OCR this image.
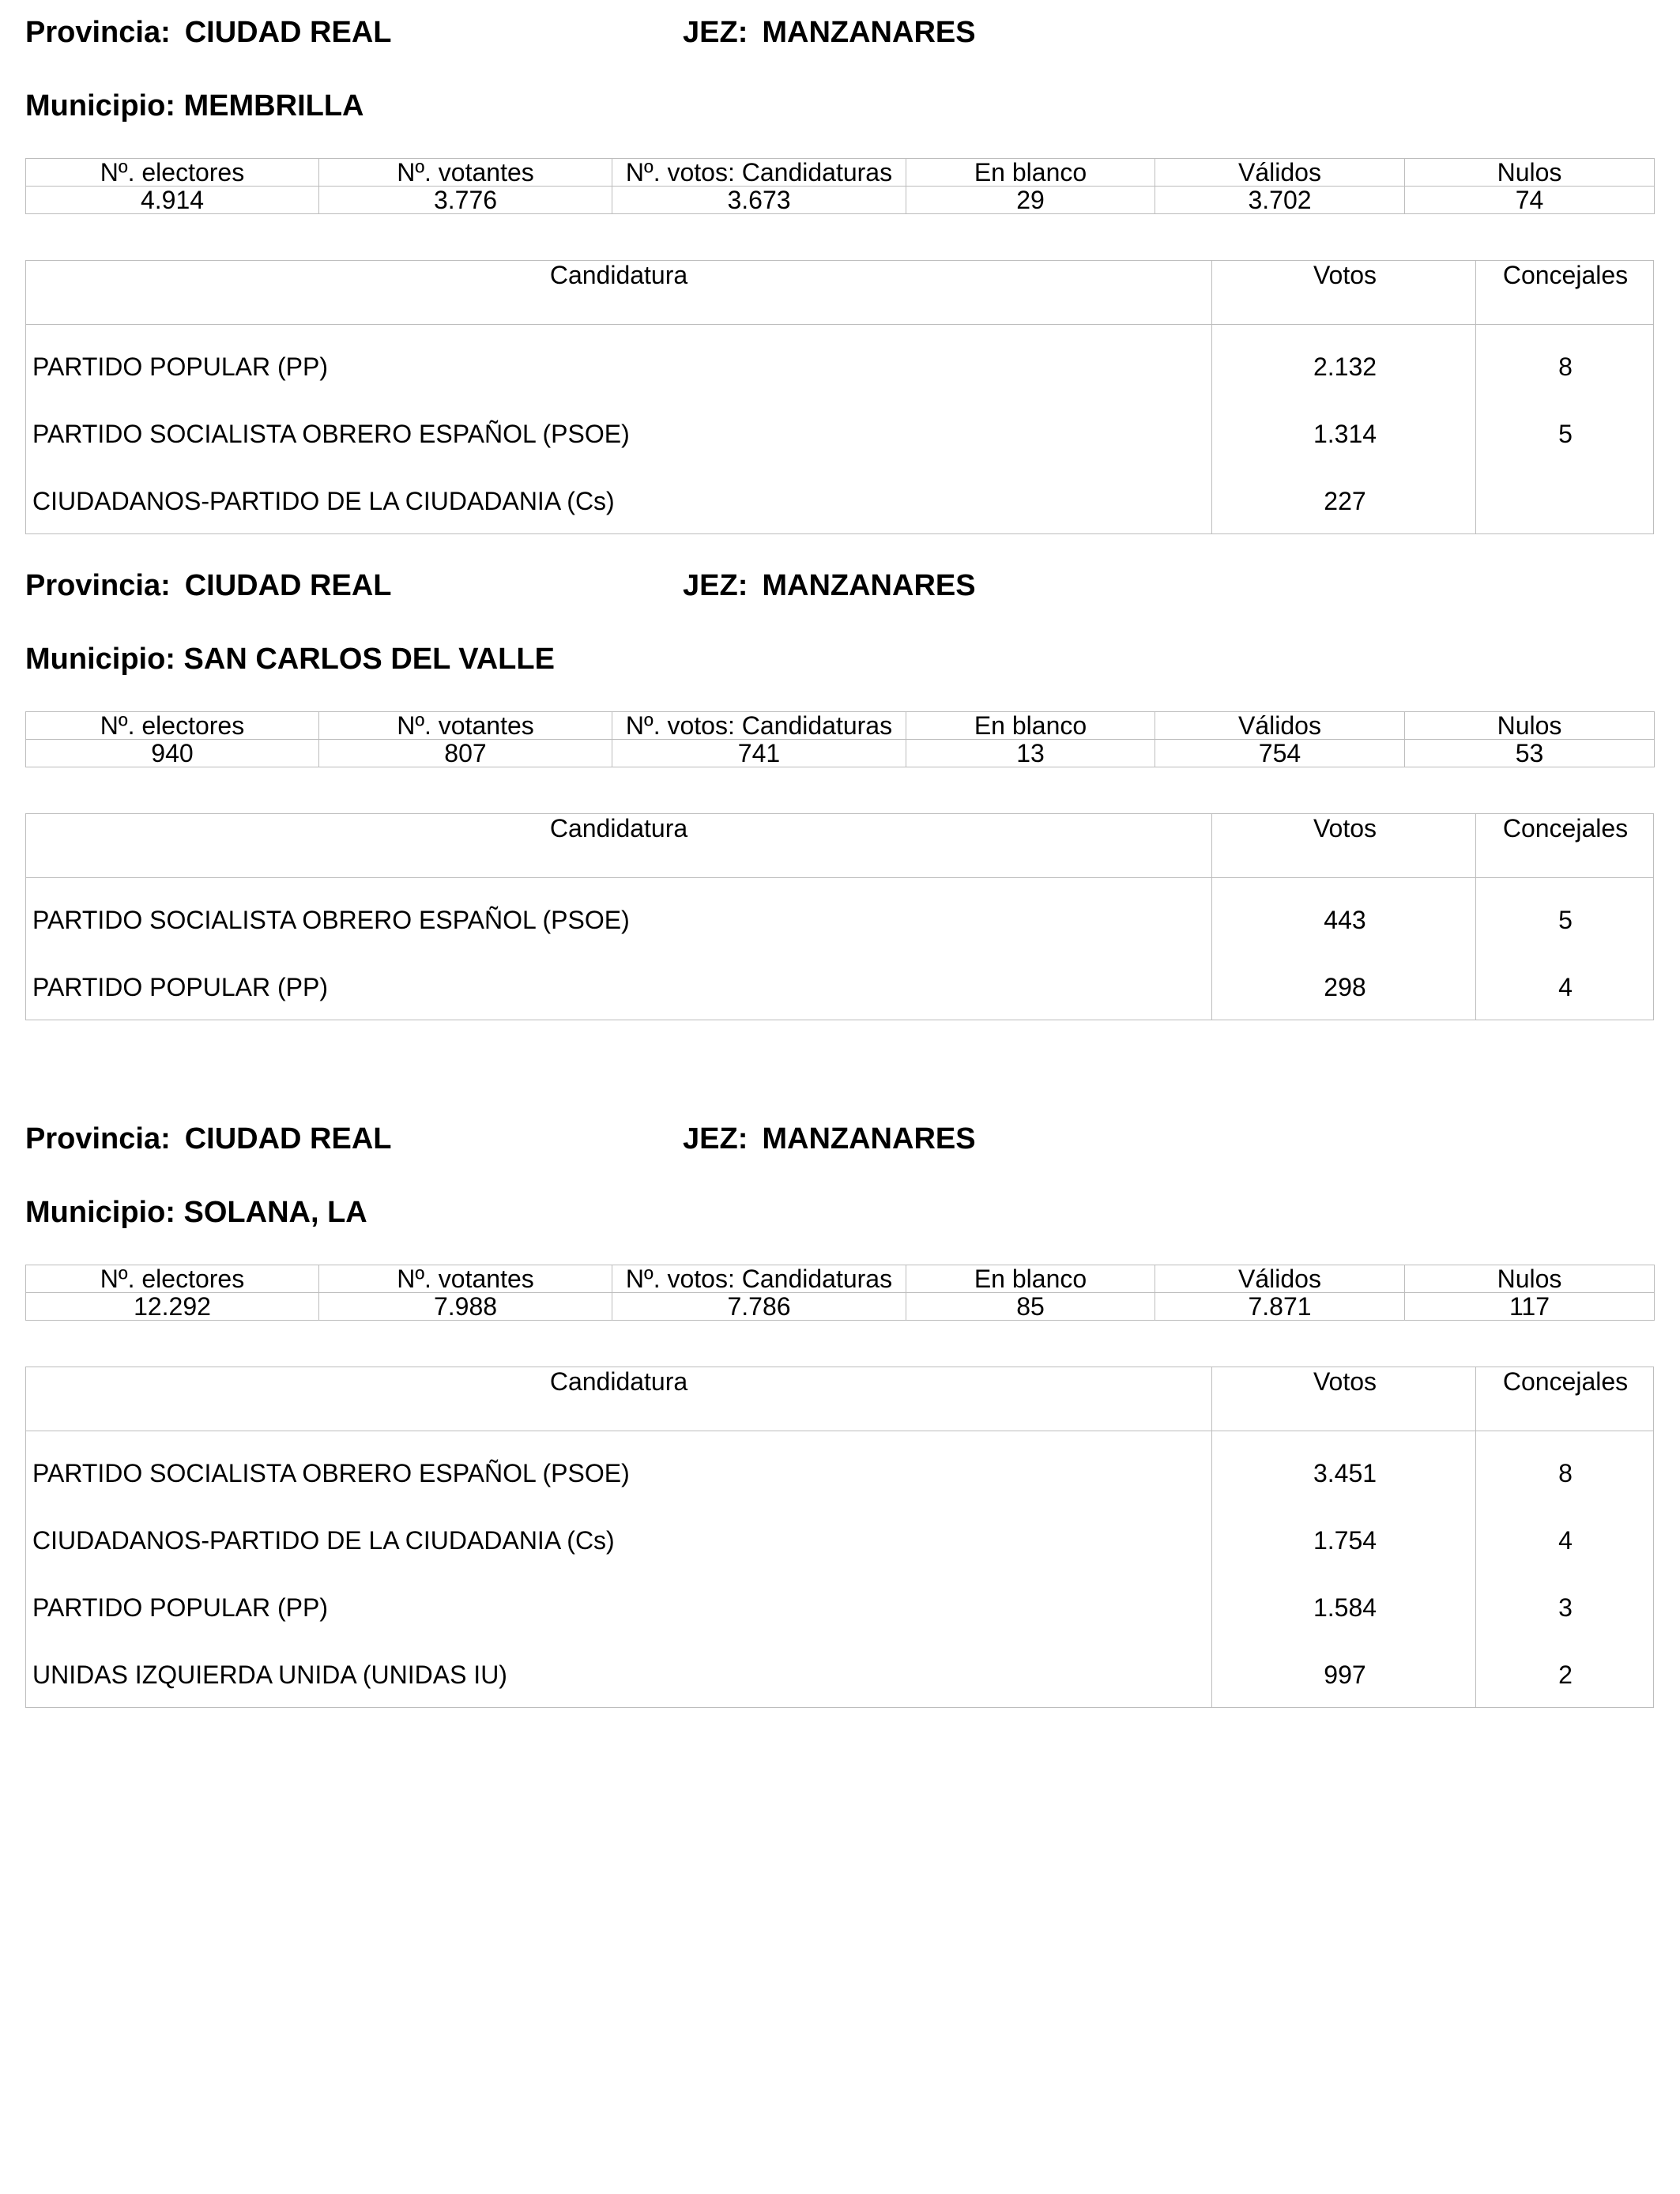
Provincia: CIUDAD REAL	JEZ: MANZANARES
Municipio: MEMBRILLA
Nº. electores	Nº. votantes	Nº. votos: Candidaturas	En blanco	Válidos	Nulos
4.914	3.776	3.673	29	3.702	74
Candidatura	Votos	Concejales
PARTIDO POPULAR (PP)	2.132	8
PARTIDO SOCIALISTA OBRERO ESPAÑOL (PSOE)	1.314	5
CIUDADANOS-PARTIDO DE LA CIUDADANIA (Cs)	227
Provincia: CIUDAD REAL	JEZ: MANZANARES
Municipio: SAN CARLOS DEL VALLE
Nº. electores	Nº. votantes	Nº. votos: Candidaturas	En blanco	Válidos	Nulos
940	807	741	13	754	53
Candidatura	Votos	Concejales
PARTIDO SOCIALISTA OBRERO ESPAÑOL (PSOE)	443	5
PARTIDO POPULAR (PP)	298	4
Provincia: CIUDAD REAL	JEZ: MANZANARES
Municipio: SOLANA, LA
Nº. electores	Nº. votantes	Nº. votos: Candidaturas	En blanco	Válidos	Nulos
12.292	7.988	7.786	85	7.871	117
Candidatura	Votos	Concejales
PARTIDO SOCIALISTA OBRERO ESPAÑOL (PSOE)	3.451	8
CIUDADANOS-PARTIDO DE LA CIUDADANIA (Cs)	1.754	4
PARTIDO POPULAR (PP)	1.584	3
UNIDAS IZQUIERDA UNIDA (UNIDAS IU)	997	2
